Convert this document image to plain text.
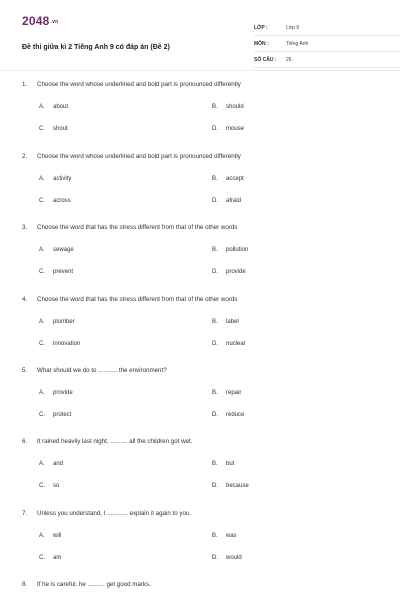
2048.vn
Đề thi giữa kì 2 Tiếng Anh 9 có đáp án (Đề 2)
LỚP :	Lớp 9
MÔN :	Tiếng Anh
SỐ CÂU : 26
1. Choose the word whose underlined and bold part is pronounced differently
A. about	B. should
C. shout	D. mouse
2. Choose the word whose underlined and bold part is pronounced differently
A. activity	B. accept
C. across	D. afraid
3. Choose the word that has the stress different from that of the other words
A. sewage	B. pollution
C. prevent	D. provide
4. Choose the word that has the stress different from that of the other words
A. plumber	B. label
C. innovation	D. nuclear
5. What should we do to ........... the environment?
A. provide	B. repair
C. protect	D. reduce
6. It rained heavily last night, .......... all the children got wet.
A. and	B. but
C. so	D. because
7. Unless you understand, I ............ explain it again to you.
A. will	B. was
C. am	D. would
8. If he is careful, he .......... get good marks.
